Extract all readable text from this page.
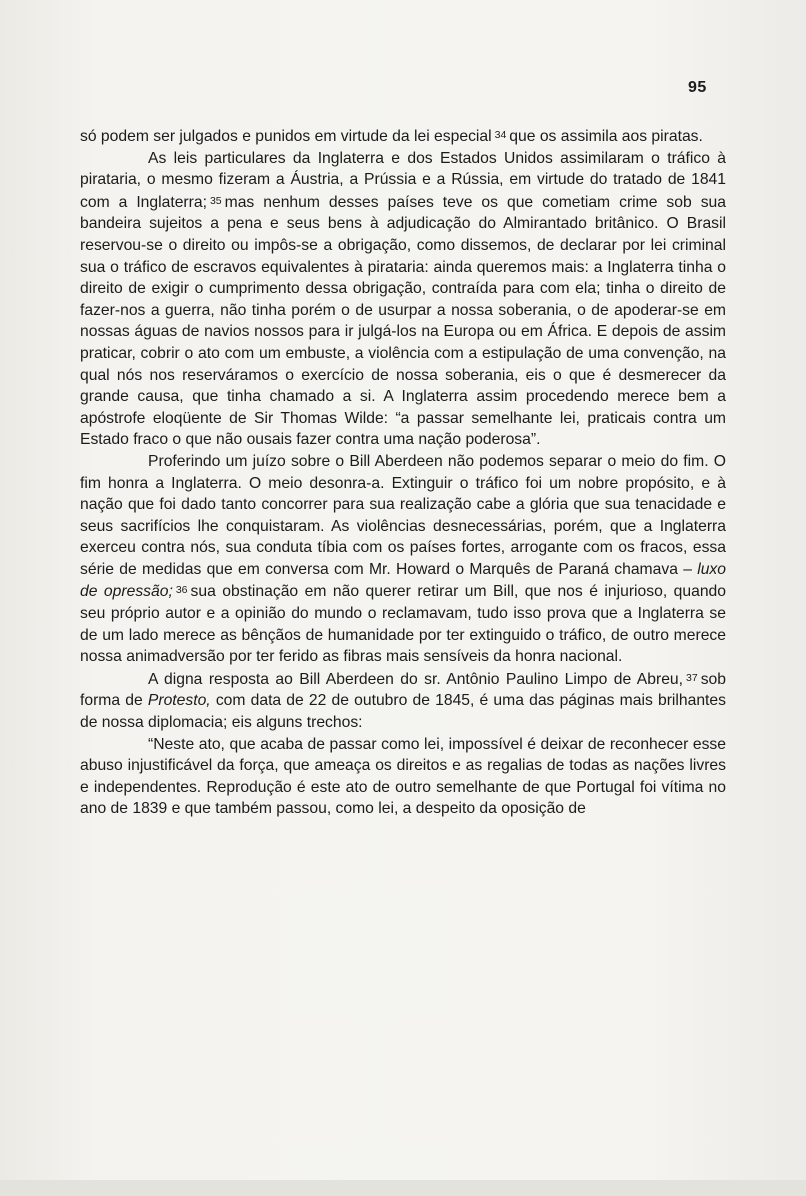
95

só podem ser julgados e punidos em virtude da lei especial 34 que os assimila aos piratas.

As leis particulares da Inglaterra e dos Estados Unidos assimilaram o tráfico à pirataria, o mesmo fizeram a Áustria, a Prússia e a Rússia, em virtude do tratado de 1841 com a Inglaterra; 35 mas nenhum desses países teve os que cometiam crime sob sua bandeira sujeitos a pena e seus bens à adjudicação do Almirantado britânico. O Brasil reservou-se o direito ou impôs-se a obrigação, como dissemos, de declarar por lei criminal sua o tráfico de escravos equivalentes à pirataria: ainda queremos mais: a Inglaterra tinha o direito de exigir o cumprimento dessa obrigação, contraída para com ela; tinha o direito de fazer-nos a guerra, não tinha porém o de usurpar a nossa soberania, o de apoderar-se em nossas águas de navios nossos para ir julgá-los na Europa ou em África. E depois de assim praticar, cobrir o ato com um embuste, a violência com a estipulação de uma convenção, na qual nós nos reserváramos o exercício de nossa soberania, eis o que é desmerecer da grande causa, que tinha chamado a si. A Inglaterra assim procedendo merece bem a apóstrofe eloqüente de Sir Thomas Wilde: “a passar semelhante lei, praticais contra um Estado fraco o que não ousais fazer contra uma nação poderosa”.

Proferindo um juízo sobre o Bill Aberdeen não podemos separar o meio do fim. O fim honra a Inglaterra. O meio desonra-a. Extinguir o tráfico foi um nobre propósito, e à nação que foi dado tanto concorrer para sua realização cabe a glória que sua tenacidade e seus sacrifícios lhe conquistaram. As violências desnecessárias, porém, que a Inglaterra exerceu contra nós, sua conduta tíbia com os países fortes, arrogante com os fracos, essa série de medidas que em conversa com Mr. Howard o Marquês de Paraná chamava – luxo de opressão; 36 sua obstinação em não querer retirar um Bill, que nos é injurioso, quando seu próprio autor e a opinião do mundo o reclamavam, tudo isso prova que a Inglaterra se de um lado merece as bênçãos de humanidade por ter extinguido o tráfico, de outro merece nossa animadversão por ter ferido as fibras mais sensíveis da honra nacional.

A digna resposta ao Bill Aberdeen do sr. Antônio Paulino Limpo de Abreu, 37 sob forma de Protesto, com data de 22 de outubro de 1845, é uma das páginas mais brilhantes de nossa diplomacia; eis alguns trechos:

“Neste ato, que acaba de passar como lei, impossível é deixar de reconhecer esse abuso injustificável da força, que ameaça os direitos e as regalias de todas as nações livres e independentes. Reprodução é este ato de outro semelhante de que Portugal foi vítima no ano de 1839 e que também passou, como lei, a despeito da oposição de
